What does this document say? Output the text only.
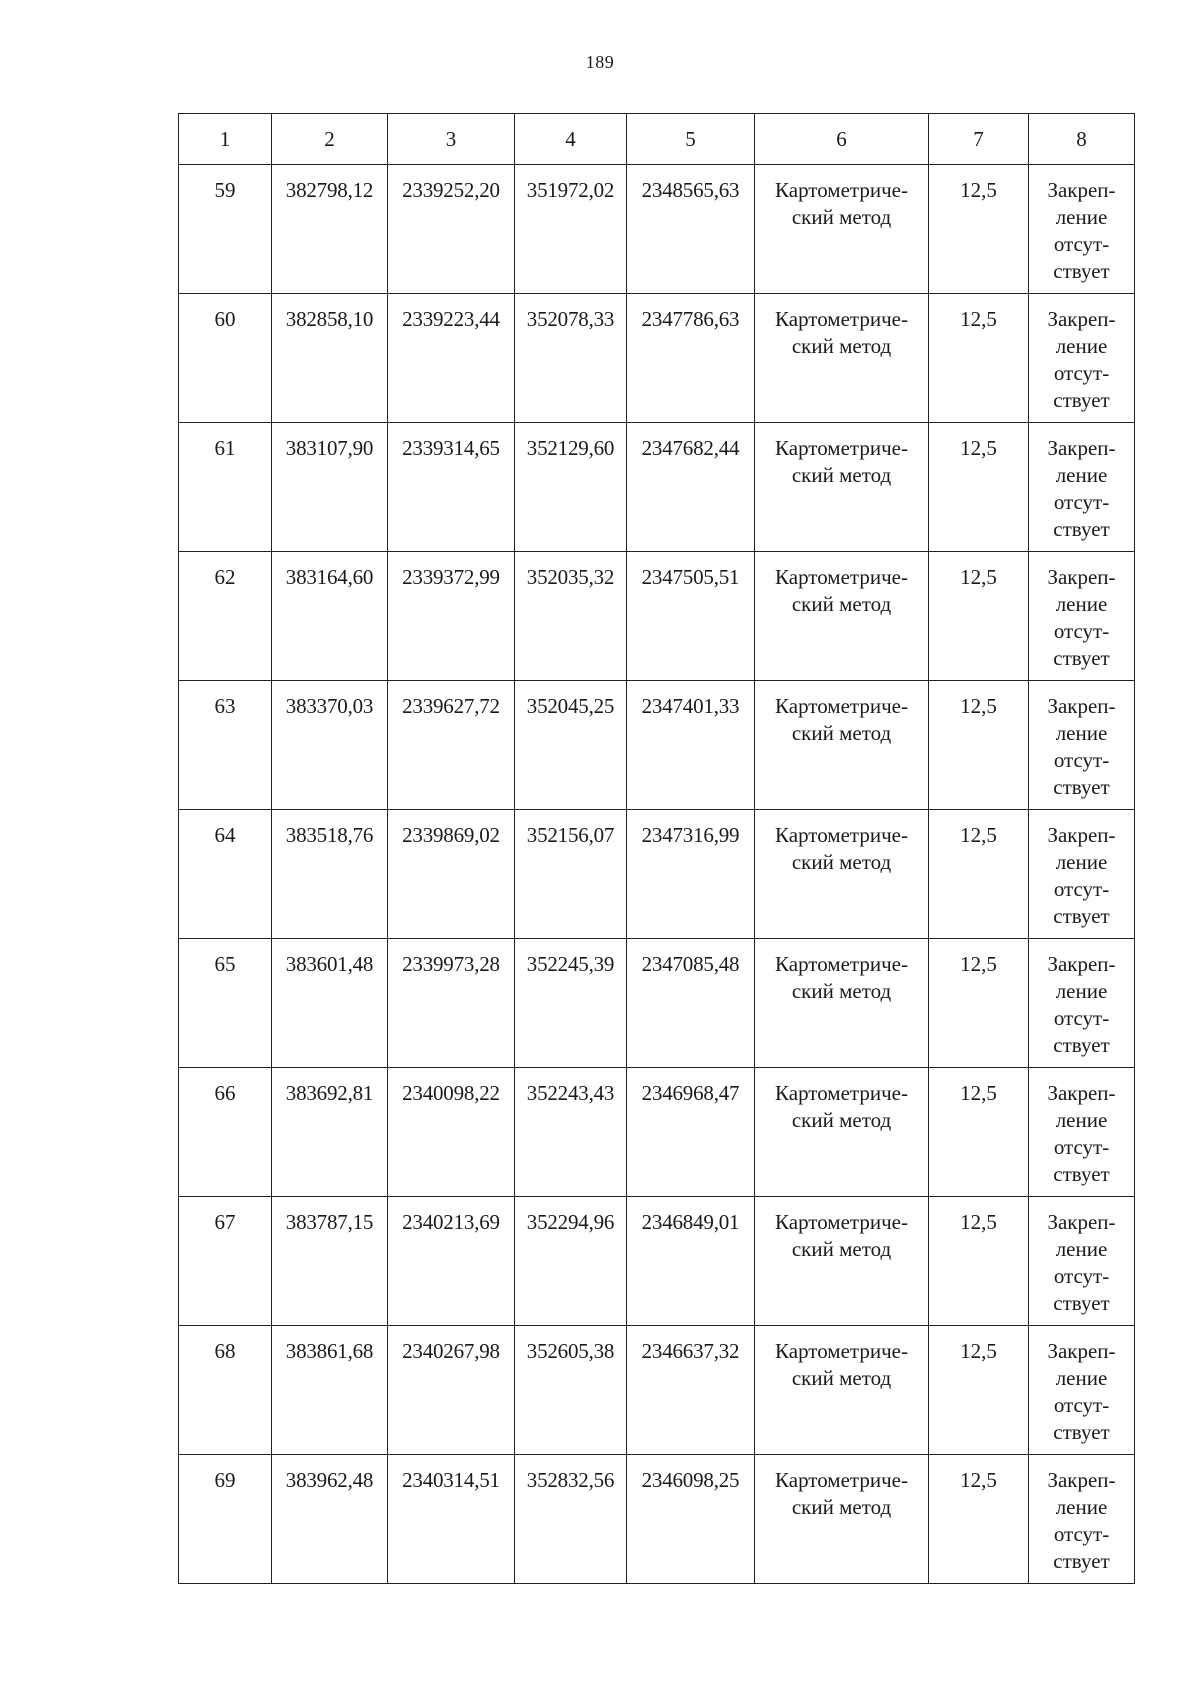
189
1	2	3	4	5	6	7	8

59	382798,12	2339252,20	351972,02	2348565,63	Картометриче-
ский метод	12,5	Закреп-
ление
отсут-
ствует

60	382858,10	2339223,44	352078,33	2347786,63	Картометриче-
ский метод	12,5	Закреп-
ление
отсут-
ствует

61	383107,90	2339314,65	352129,60	2347682,44	Картометриче-
ский метод	12,5	Закреп-
ление
отсут-
ствует

62	383164,60	2339372,99	352035,32	2347505,51	Картометриче-
ский метод	12,5	Закреп-
ление
отсут-
ствует

63	383370,03	2339627,72	352045,25	2347401,33	Картометриче-
ский метод	12,5	Закреп-
ление
отсут-
ствует

64	383518,76	2339869,02	352156,07	2347316,99	Картометриче-
ский метод	12,5	Закреп-
ление
отсут-
ствует

65	383601,48	2339973,28	352245,39	2347085,48	Картометриче-
ский метод	12,5	Закреп-
ление
отсут-
ствует

66	383692,81	2340098,22	352243,43	2346968,47	Картометриче-
ский метод	12,5	Закреп-
ление
отсут-
ствует

67	383787,15	2340213,69	352294,96	2346849,01	Картометриче-
ский метод	12,5	Закреп-
ление
отсут-
ствует

68	383861,68	2340267,98	352605,38	2346637,32	Картометриче-
ский метод	12,5	Закреп-
ление
отсут-
ствует

69	383962,48	2340314,51	352832,56	2346098,25	Картометриче-
ский метод	12,5	Закреп-
ление
отсут-
ствует
